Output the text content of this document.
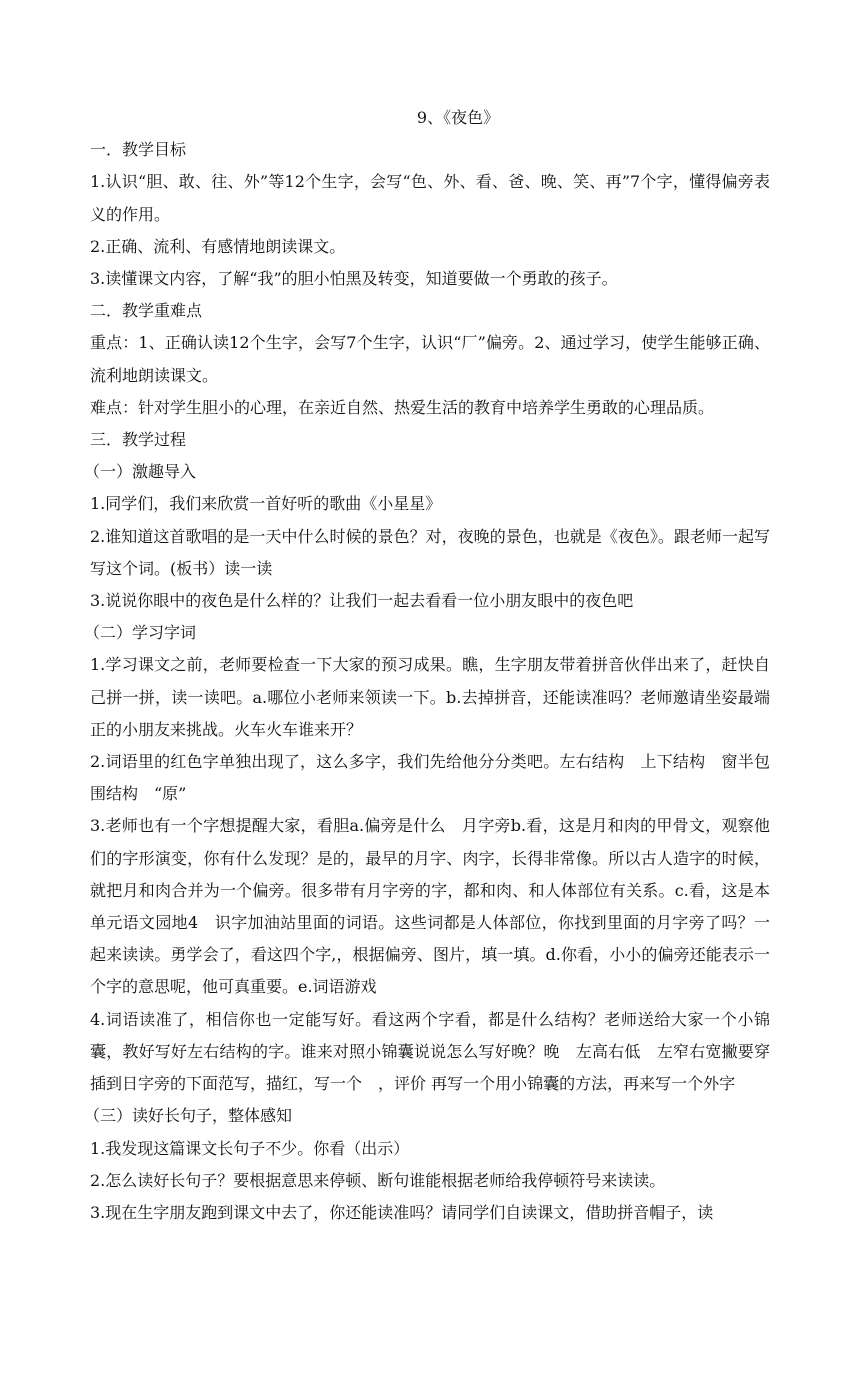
9、《夜色》

一．教学目标

1.认识“胆、敢、往、外”等12个生字，会写“色、外、看、爸、晚、笑、再”7个字，懂得偏旁表义的作用。

2.正确、流利、有感情地朗读课文。

3.读懂课文内容，了解“我”的胆小怕黑及转变，知道要做一个勇敢的孩子。

二．教学重难点

重点：1、正确认读12个生字，会写7个生字，认识“厂”偏旁。2、通过学习，使学生能够正确、流利地朗读课文。

难点：针对学生胆小的心理，在亲近自然、热爱生活的教育中培养学生勇敢的心理品质。

三．教学过程

（一）激趣导入

1.同学们，我们来欣赏一首好听的歌曲《小星星》

2.谁知道这首歌唱的是一天中什么时候的景色？对，夜晚的景色，也就是《夜色》。跟老师一起写写这个词。(板书）读一读

3.说说你眼中的夜色是什么样的？让我们一起去看看一位小朋友眼中的夜色吧

（二）学习字词

1.学习课文之前，老师要检查一下大家的预习成果。瞧，生字朋友带着拼音伙伴出来了，赶快自己拼一拼，读一读吧。a.哪位小老师来领读一下。b.去掉拼音，还能读准吗？老师邀请坐姿最端正的小朋友来挑战。火车火车谁来开？

2.词语里的红色字单独出现了，这么多字，我们先给他分分类吧。左右结构　上下结构　窗半包围结构　“原”

3.老师也有一个字想提醒大家，看胆a.偏旁是什么　月字旁b.看，这是月和肉的甲骨文，观察他们的字形演变，你有什么发现？是的，最早的月字、肉字，长得非常像。所以古人造字的时候，就把月和肉合并为一个偏旁。很多带有月字旁的字，都和肉、和人体部位有关系。c.看，这是本单元语文园地4　识字加油站里面的词语。这些词都是人体部位，你找到里面的月字旁了吗？一起来读读。勇学会了，看这四个字,，根据偏旁、图片，填一填。d.你看，小小的偏旁还能表示一个字的意思呢，他可真重要。e.词语游戏

4.词语读准了，相信你也一定能写好。看这两个字看，都是什么结构？老师送给大家一个小锦囊，教好写好左右结构的字。谁来对照小锦囊说说怎么写好晚？晚　左高右低　左窄右宽撇要穿插到日字旁的下面范写，描红，写一个　，评价 再写一个用小锦囊的方法，再来写一个外字

（三）读好长句子，整体感知

1.我发现这篇课文长句子不少。你看（出示）

2.怎么读好长句子？要根据意思来停顿、断句谁能根据老师给我停顿符号来读读。

3.现在生字朋友跑到课文中去了，你还能读准吗？请同学们自读课文，借助拼音帽子，读
